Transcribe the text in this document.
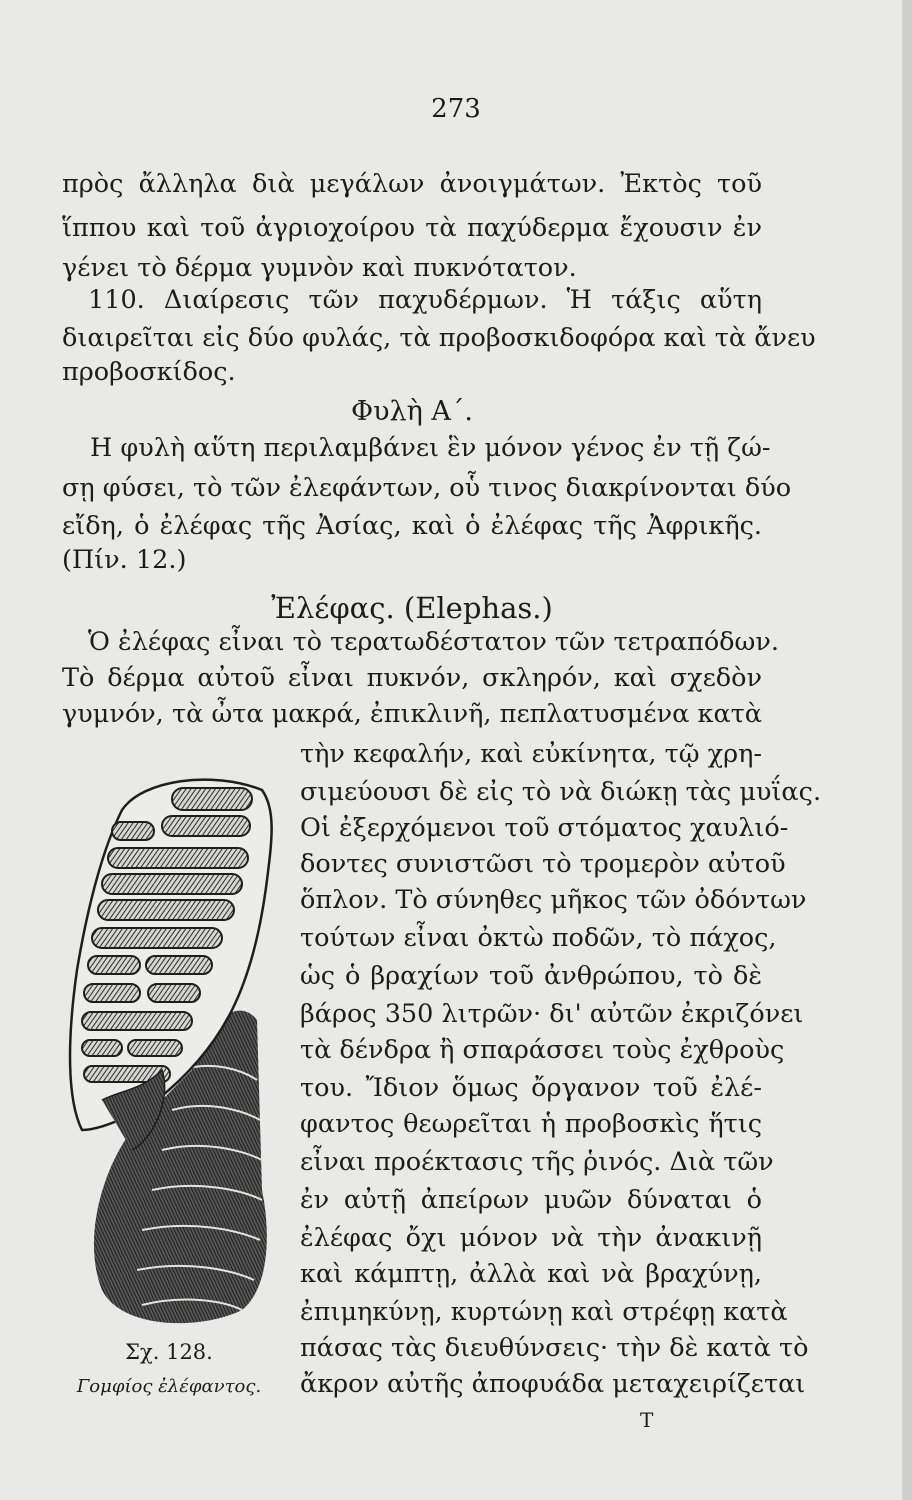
273
πρὸς ἄλληλα διὰ μεγάλων ἀνοιγμάτων. Ἐκτὸς τοῦ
ἵππου καὶ τοῦ ἀγριοχοίρου τὰ παχύδερμα ἔχουσιν ἐν
γένει τὸ δέρμα γυμνὸν καὶ πυκνότατον.
110. Διαίρεσις τῶν παχυδέρμων. Ἡ τάξις αὕτη
διαιρεῖται εἰς δύο φυλάς, τὰ προβοσκιδοφόρα καὶ τὰ ἄνευ
προβοσκίδος.
Φυλὴ Α΄.
Η φυλὴ αὕτη περιλαμβάνει ἓν μόνον γένος ἐν τῇ ζώ-
σῃ φύσει, τὸ τῶν ἐλεφάντων, οὗ τινος διακρίνονται δύο
εἴδη, ὁ ἐλέφας τῆς Ἀσίας, καὶ ὁ ἐλέφας τῆς Ἀφρικῆς.
(Πίν. 12.)
Ἐλέφας. (Elephas.)
Ὁ ἐλέφας εἶναι τὸ τερατωδέστατον τῶν τετραπόδων.
Τὸ δέρμα αὐτοῦ εἶναι πυκνόν, σκληρόν, καὶ σχεδὸν
γυμνόν, τὰ ὦτα μακρά, ἐπικλινῆ, πεπλατυσμένα κατὰ
τὴν κεφαλήν, καὶ εὐκίνητα, τῷ χρη-
σιμεύουσι δὲ εἰς τὸ νὰ διώκῃ τὰς μυΐας.
Οἱ ἐξερχόμενοι τοῦ στόματος χαυλιό-
δοντες συνιστῶσι τὸ τρομερὸν αὐτοῦ
ὅπλον. Τὸ σύνηθες μῆκος τῶν ὀδόντων
τούτων εἶναι ὀκτὼ ποδῶν, τὸ πάχος,
ὡς ὁ βραχίων τοῦ ἀνθρώπου, τὸ δὲ
βάρος 350 λιτρῶν· δι' αὐτῶν ἐκριζόνει
τὰ δένδρα ἢ σπαράσσει τοὺς ἐχθροὺς
του. Ἴδιον ὅμως ὄργανον τοῦ ἐλέ-
φαντος θεωρεῖται ἡ προβοσκὶς ἥτις
εἶναι προέκτασις τῆς ῥινός. Διὰ τῶν
ἐν αὐτῇ ἀπείρων μυῶν δύναται ὁ
ἐλέφας ὄχι μόνον νὰ τὴν ἀνακινῇ
καὶ κάμπτῃ, ἀλλὰ καὶ νὰ βραχύνῃ,
ἐπιμηκύνῃ, κυρτώνῃ καὶ στρέφῃ κατὰ
πάσας τὰς διευθύνσεις· τὴν δὲ κατὰ τὸ
ἄκρον αὐτῆς ἀποφυάδα μεταχειρίζεται
Σχ. 128.
Γομφίος ἐλέφαντος.
T
